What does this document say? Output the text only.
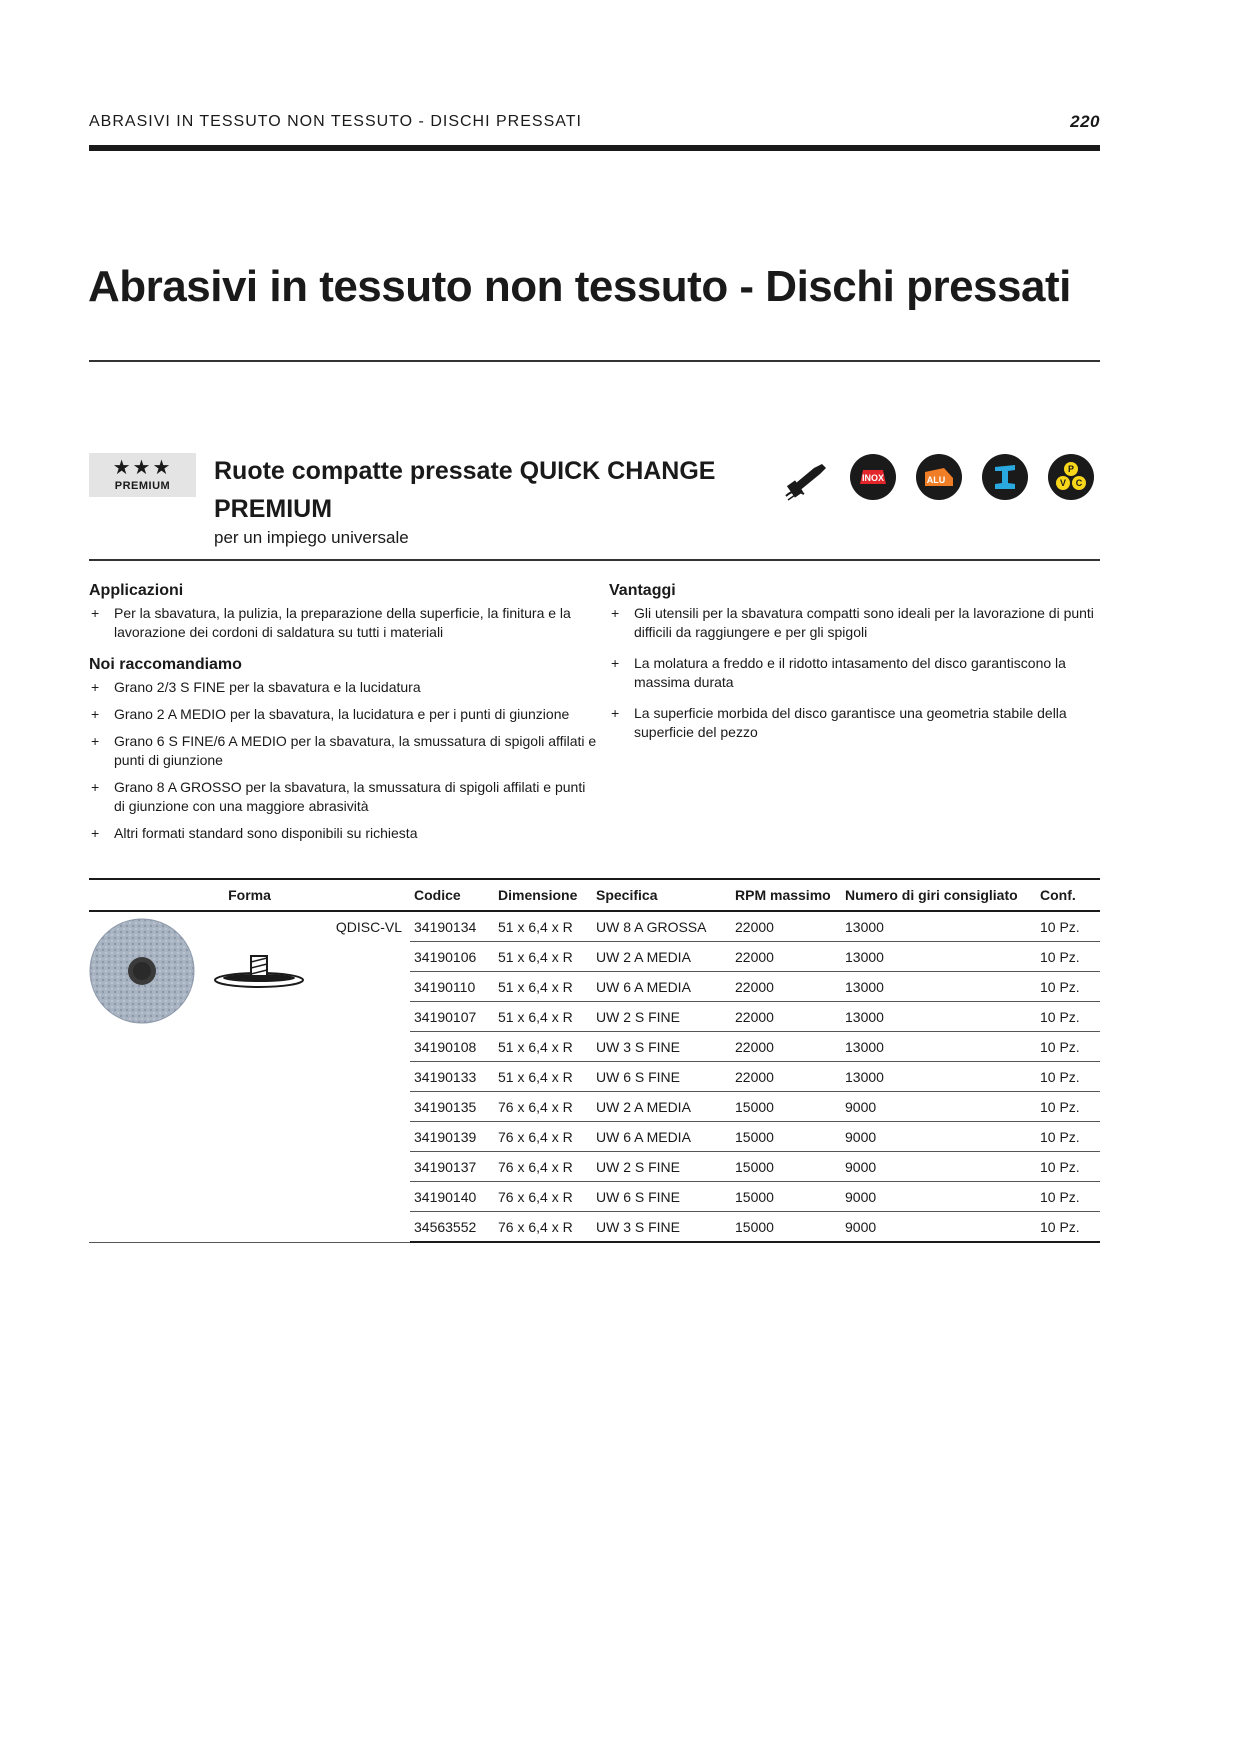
ABRASIVI IN TESSUTO NON TESSUTO - DISCHI PRESSATI	220
Abrasivi in tessuto non tessuto - Dischi pressati
★★★
PREMIUM
Ruote compatte pressate QUICK CHANGE PREMIUM
per un impiego universale
INOX	ALU
P
V C
Applicazioni
+ Per la sbavatura, la pulizia, la preparazione della superficie, la finitura e la lavorazione dei cordoni di saldatura su tutti i materiali
Noi raccomandiamo
+ Grano 2/3 S FINE per la sbavatura e la lucidatura
+ Grano 2 A MEDIO per la sbavatura, la lucidatura e per i punti di giunzione
+ Grano 6 S FINE/6 A MEDIO per la sbavatura, la smussatura di spigoli affilati e punti di giunzione
+ Grano 8 A GROSSO per la sbavatura, la smussatura di spigoli affilati e punti di giunzione con una maggiore abrasività
+ Altri formati standard sono disponibili su richiesta
Vantaggi
+ Gli utensili per la sbavatura compatti sono ideali per la lavorazione di punti difficili da raggiungere e per gli spigoli
+ La molatura a freddo e il ridotto intasamento del disco garantiscono la massima durata
+ La superficie morbida del disco garantisce una geometria stabile della superficie del pezzo
Forma	Codice	Dimensione	Specifica	RPM massimo	Numero di giri consigliato	Conf.

QDISC-VL	34190134	51 x 6,4 x R	UW 8 A GROSSA	22000	13000	10 Pz.
	34190106	51 x 6,4 x R	UW 2 A MEDIA	22000	13000	10 Pz.
	34190110	51 x 6,4 x R	UW 6 A MEDIA	22000	13000	10 Pz.
	34190107	51 x 6,4 x R	UW 2 S FINE	22000	13000	10 Pz.
	34190108	51 x 6,4 x R	UW 3 S FINE	22000	13000	10 Pz.
	34190133	51 x 6,4 x R	UW 6 S FINE	22000	13000	10 Pz.
	34190135	76 x 6,4 x R	UW 2 A MEDIA	15000	9000	10 Pz.
	34190139	76 x 6,4 x R	UW 6 A MEDIA	15000	9000	10 Pz.
	34190137	76 x 6,4 x R	UW 2 S FINE	15000	9000	10 Pz.
	34190140	76 x 6,4 x R	UW 6 S FINE	15000	9000	10 Pz.
	34563552	76 x 6,4 x R	UW 3 S FINE	15000	9000	10 Pz.
